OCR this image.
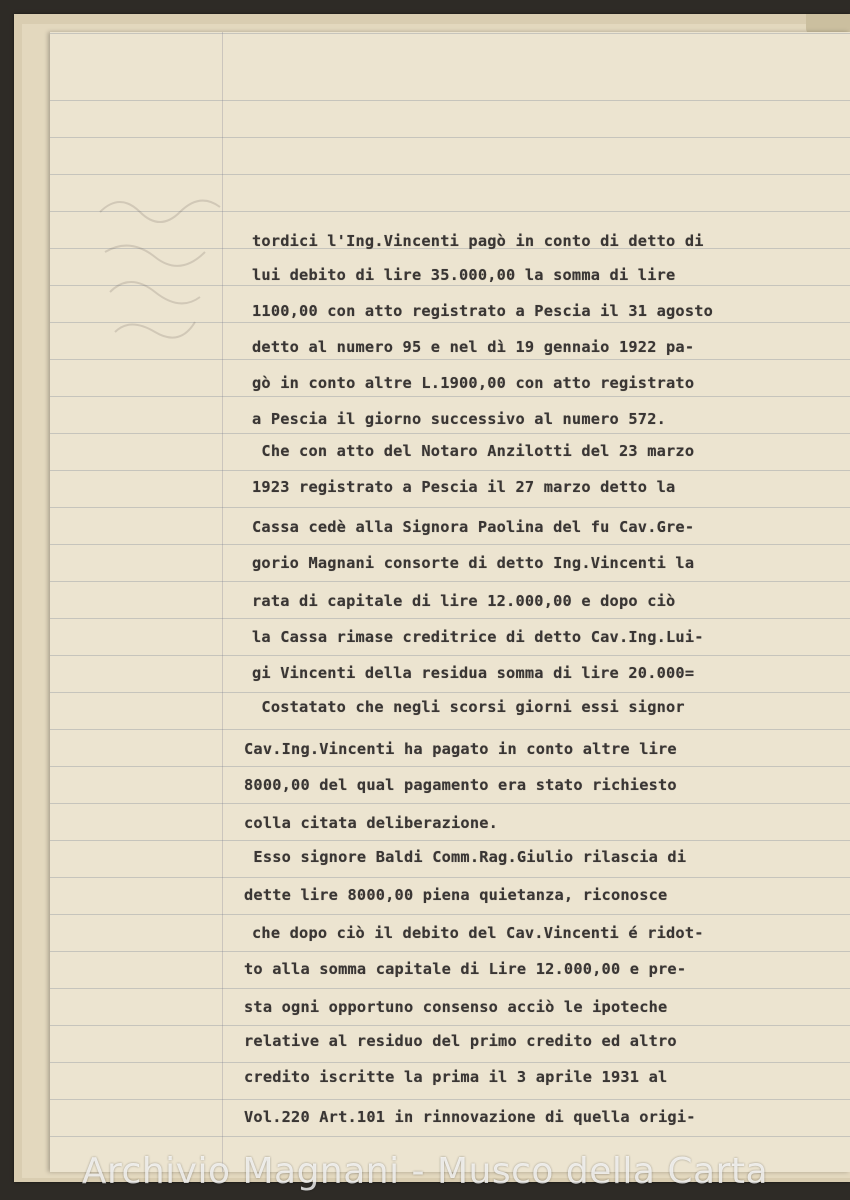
tordici l'Ing.Vincenti pagò in conto di detto di
lui debito di lire 35.000,00 la somma di lire
1100,00 con atto registrato a Pescia il 31 agosto
detto al numero 95 e nel dì 19 gennaio 1922 pa-
gò in conto altre L.1900,00 con atto registrato
a Pescia il giorno successivo al numero 572.
Che con atto del Notaro Anzilotti del 23 marzo
1923 registrato a Pescia il 27 marzo detto la
Cassa cedè alla Signora Paolina del fu Cav.Gre-
gorio Magnani consorte di detto Ing.Vincenti la
rata di capitale di lire 12.000,00 e dopo ciò
la Cassa rimase creditrice di detto Cav.Ing.Lui-
gi Vincenti della residua somma di lire 20.000=
Costatato che negli scorsi giorni essi signor
Cav.Ing.Vincenti ha pagato in conto altre lire
8000,00 del qual pagamento era stato richiesto
colla citata deliberazione.
Esso signore Baldi Comm.Rag.Giulio rilascia di
dette lire 8000,00 piena quietanza, riconosce
che dopo ciò il debito del Cav.Vincenti é ridot-
to alla somma capitale di Lire 12.000,00 e pre-
sta ogni opportuno consenso acciò le ipoteche
relative al residuo del primo credito ed altro
credito iscritte la prima il 3 aprile 1931 al
Vol.220 Art.101 in rinnovazione di quella origi-
Archivio Magnani - Musco della Carta
